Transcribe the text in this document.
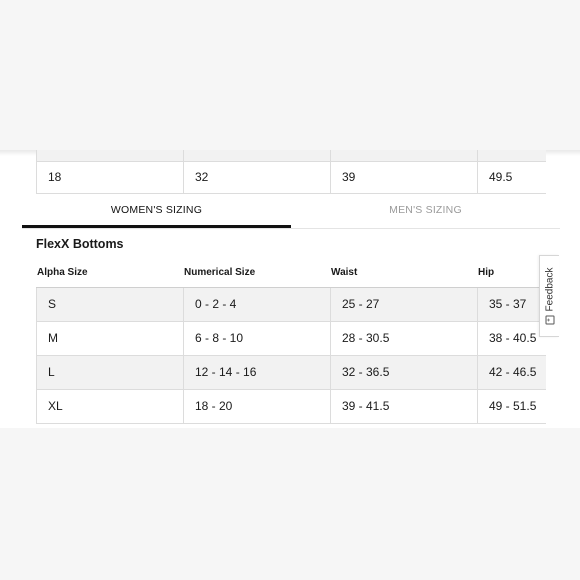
18	32	39	49.5
WOMEN'S SIZING	MEN'S SIZING
FlexX Bottoms
Alpha Size	Numerical Size	Waist	Hip
S	0 - 2 - 4	25 - 27	35 - 37
M	6 - 8 - 10	28 - 30.5	38 - 40.5
L	12 - 14 - 16	32 - 36.5	42 - 46.5
XL	18 - 20	39 - 41.5	49 - 51.5
+
Feedback
